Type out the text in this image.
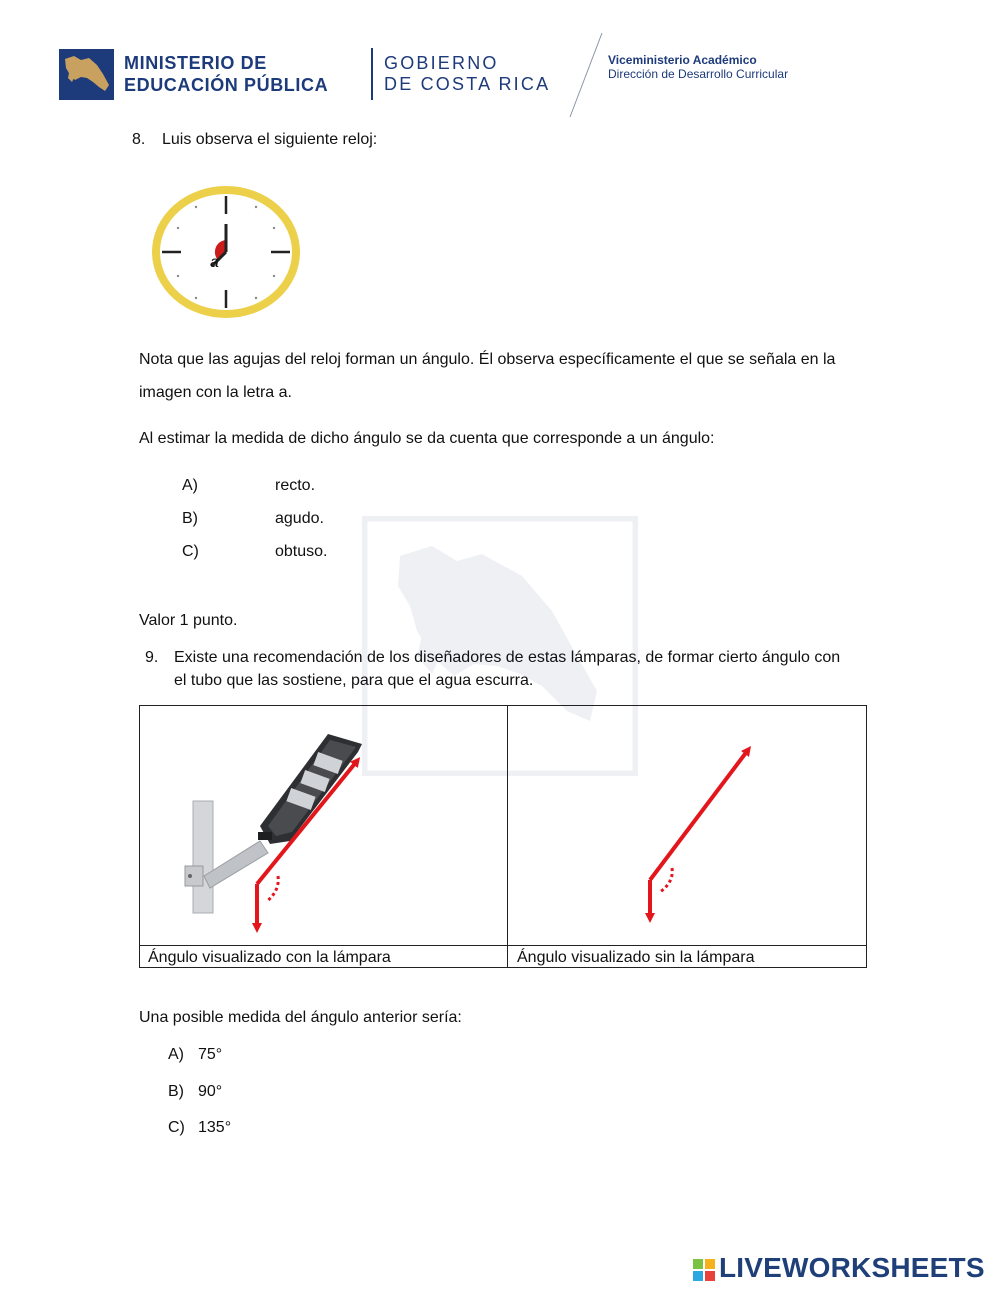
MINISTERIO DE
EDUCACIÓN PÚBLICA
GOBIERNO
DE COSTA RICA
Viceministerio Académico
Dirección de Desarrollo Curricular
8. Luis observa el siguiente reloj:
a
Nota que las agujas del reloj forman un ángulo. Él observa específicamente el que se señala en la
imagen con la letra a.
Al estimar la medida de dicho ángulo se da cuenta que corresponde a un ángulo:
A)	recto.
B)	agudo.
C)	obtuso.
Valor 1 punto.
9. Existe una recomendación de los diseñadores de estas lámparas, de formar cierto ángulo con
el tubo que las sostiene, para que el agua escurra.
Ángulo visualizado con la lámpara	Ángulo visualizado sin la lámpara
Una posible medida del ángulo anterior sería:
A) 75°
B) 90°
C) 135°
LIVEWORKSHEETS
